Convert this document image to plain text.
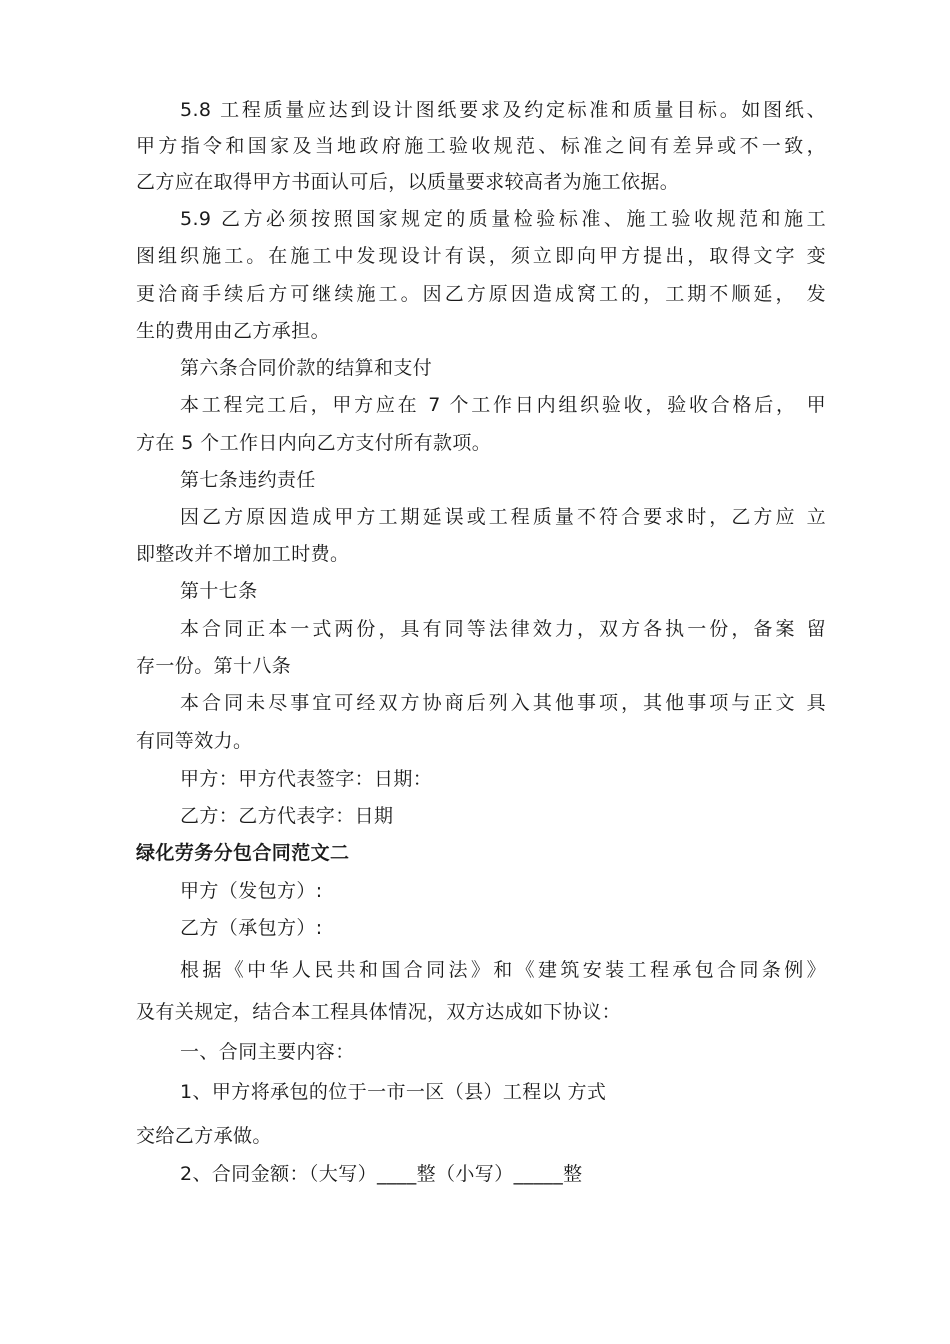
5.8 工程质量应达到设计图纸要求及约定标准和质量目标。如图纸、
甲方指令和国家及当地政府施工验收规范、标准之间有差异或不一致，
乙方应在取得甲方书面认可后，以质量要求较高者为施工依据。
5.9 乙方必须按照国家规定的质量检验标准、施工验收规范和施工
图组织施工。在施工中发现设计有误，须立即向甲方提出，取得文字 变
更洽商手续后方可继续施工。因乙方原因造成窝工的，工期不顺延， 发
生的费用由乙方承担。
第六条合同价款的结算和支付
本工程完工后，甲方应在 7 个工作日内组织验收，验收合格后， 甲
方在 5 个工作日内向乙方支付所有款项。
第七条违约责任
因乙方原因造成甲方工期延误或工程质量不符合要求时，乙方应 立
即整改并不增加工时费。
第十七条
本合同正本一式两份，具有同等法律效力，双方各执一份，备案 留
存一份。第十八条
本合同未尽事宜可经双方协商后列入其他事项，其他事项与正文 具
有同等效力。
甲方：甲方代表签字：日期：
乙方：乙方代表字：日期
绿化劳务分包合同范文二
甲方（发包方）:
乙方（承包方）:
根据《中华人民共和国合同法》和《建筑安装工程承包合同条例》
及有关规定，结合本工程具体情况，双方达成如下协议：
一、合同主要内容：
1、甲方将承包的位于一市一区（县）工程以 方式
交给乙方承做。
2、合同金额：（大写）____整（小写）_____整
